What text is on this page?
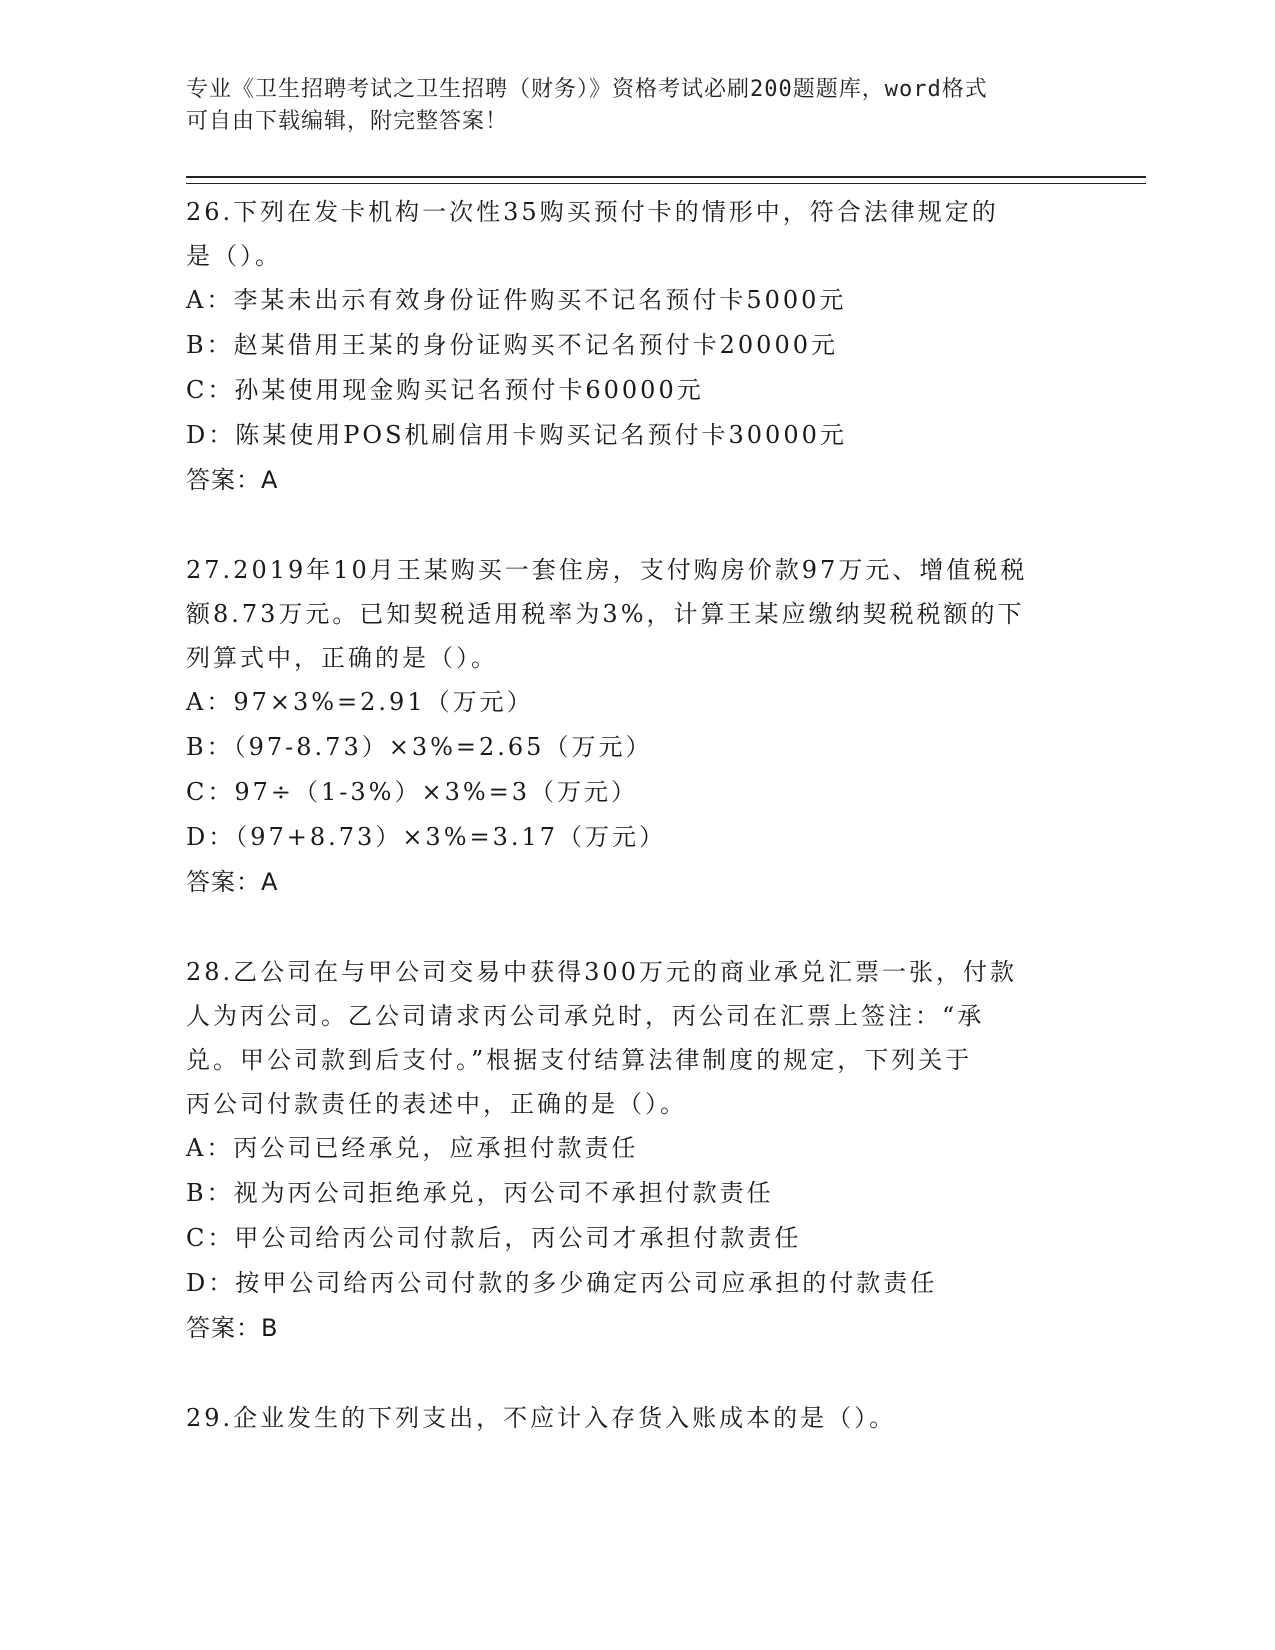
专业《卫生招聘考试之卫生招聘（财务）》资格考试必刷200题题库，word格式
可自由下载编辑，附完整答案！
26.下列在发卡机构一次性35购买预付卡的情形中，符合法律规定的
是（）。
A：李某未出示有效身份证件购买不记名预付卡5000元
B：赵某借用王某的身份证购买不记名预付卡20000元
C：孙某使用现金购买记名预付卡60000元
D：陈某使用POS机刷信用卡购买记名预付卡30000元
答案：A
27.2019年10月王某购买一套住房，支付购房价款97万元、增值税税
额8.73万元。已知契税适用税率为3%，计算王某应缴纳契税税额的下
列算式中，正确的是（）。
A：97×3%=2.91（万元）
B：（97-8.73）×3%=2.65（万元）
C：97÷（1-3%）×3%=3（万元）
D：（97+8.73）×3%=3.17（万元）
答案：A
28.乙公司在与甲公司交易中获得300万元的商业承兑汇票一张，付款
人为丙公司。乙公司请求丙公司承兑时，丙公司在汇票上签注：“承
兑。甲公司款到后支付。”根据支付结算法律制度的规定，下列关于
丙公司付款责任的表述中，正确的是（）。
A：丙公司已经承兑，应承担付款责任
B：视为丙公司拒绝承兑，丙公司不承担付款责任
C：甲公司给丙公司付款后，丙公司才承担付款责任
D：按甲公司给丙公司付款的多少确定丙公司应承担的付款责任
答案：B
29.企业发生的下列支出，不应计入存货入账成本的是（）。
